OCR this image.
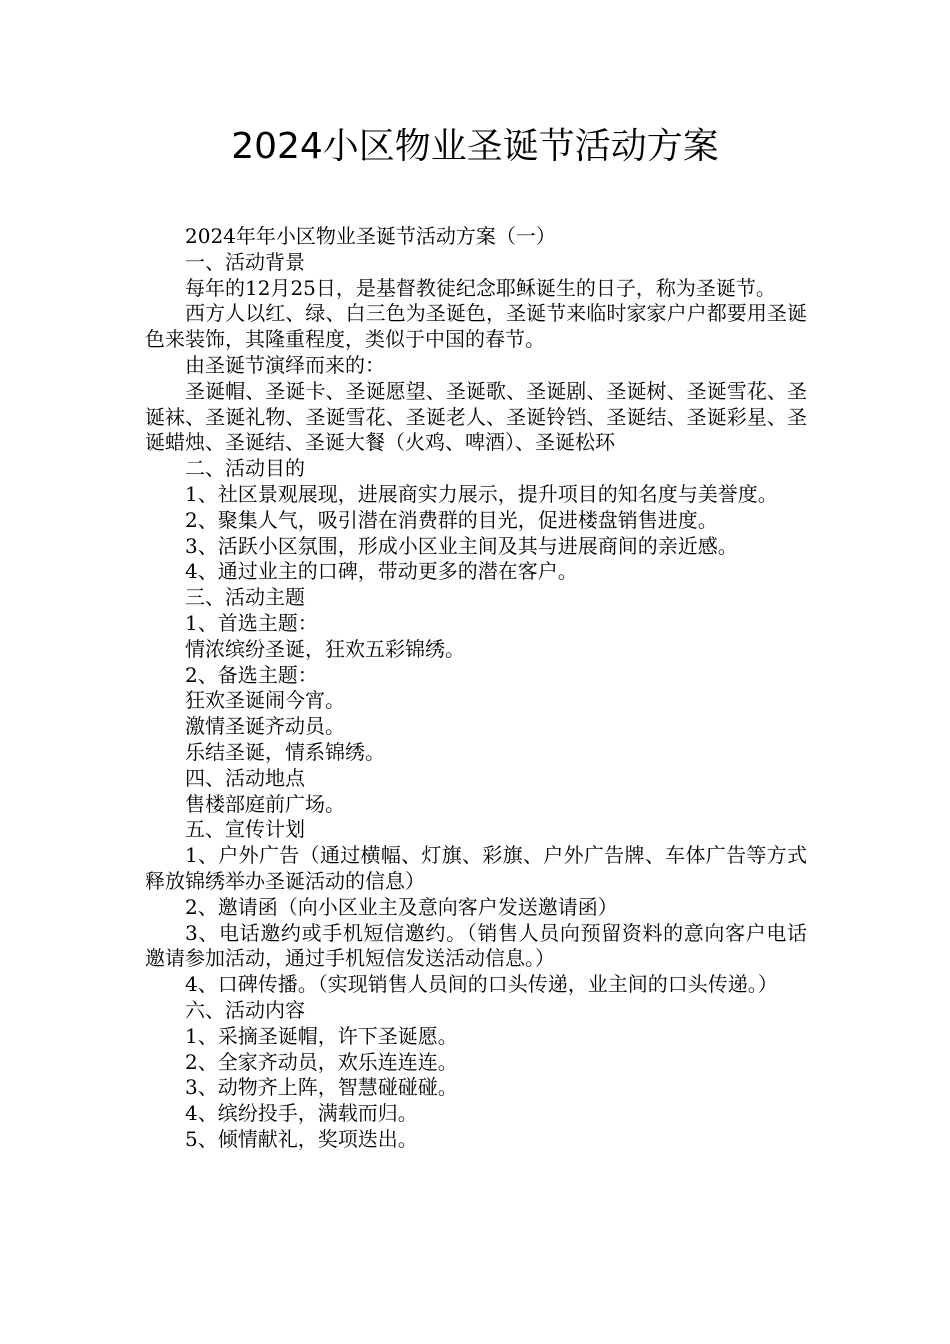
2024小区物业圣诞节活动方案

2024年年小区物业圣诞节活动方案（一）

一、活动背景

每年的12月25日，是基督教徒纪念耶稣诞生的日子，称为圣诞节。

西方人以红、绿、白三色为圣诞色，圣诞节来临时家家户户都要用圣诞色来装饰，其隆重程度，类似于中国的春节。

由圣诞节演绎而来的：

圣诞帽、圣诞卡、圣诞愿望、圣诞歌、圣诞剧、圣诞树、圣诞雪花、圣诞袜、圣诞礼物、圣诞雪花、圣诞老人、圣诞铃铛、圣诞结、圣诞彩星、圣诞蜡烛、圣诞结、圣诞大餐（火鸡、啤酒）、圣诞松环

二、活动目的

1、社区景观展现，进展商实力展示，提升项目的知名度与美誉度。

2、聚集人气，吸引潜在消费群的目光，促进楼盘销售进度。

3、活跃小区氛围，形成小区业主间及其与进展商间的亲近感。

4、通过业主的口碑，带动更多的潜在客户。

三、活动主题

1、首选主题：

情浓缤纷圣诞，狂欢五彩锦绣。

2、备选主题：

狂欢圣诞闹今宵。

激情圣诞齐动员。

乐结圣诞，情系锦绣。

四、活动地点

售楼部庭前广场。

五、宣传计划

1、户外广告（通过横幅、灯旗、彩旗、户外广告牌、车体广告等方式释放锦绣举办圣诞活动的信息）

2、邀请函（向小区业主及意向客户发送邀请函）

3、电话邀约或手机短信邀约。（销售人员向预留资料的意向客户电话邀请参加活动，通过手机短信发送活动信息。）

4、口碑传播。（实现销售人员间的口头传递，业主间的口头传递。）

六、活动内容

1、采摘圣诞帽，许下圣诞愿。

2、全家齐动员，欢乐连连连。

3、动物齐上阵，智慧碰碰碰。

4、缤纷投手，满载而归。

5、倾情献礼，奖项迭出。
